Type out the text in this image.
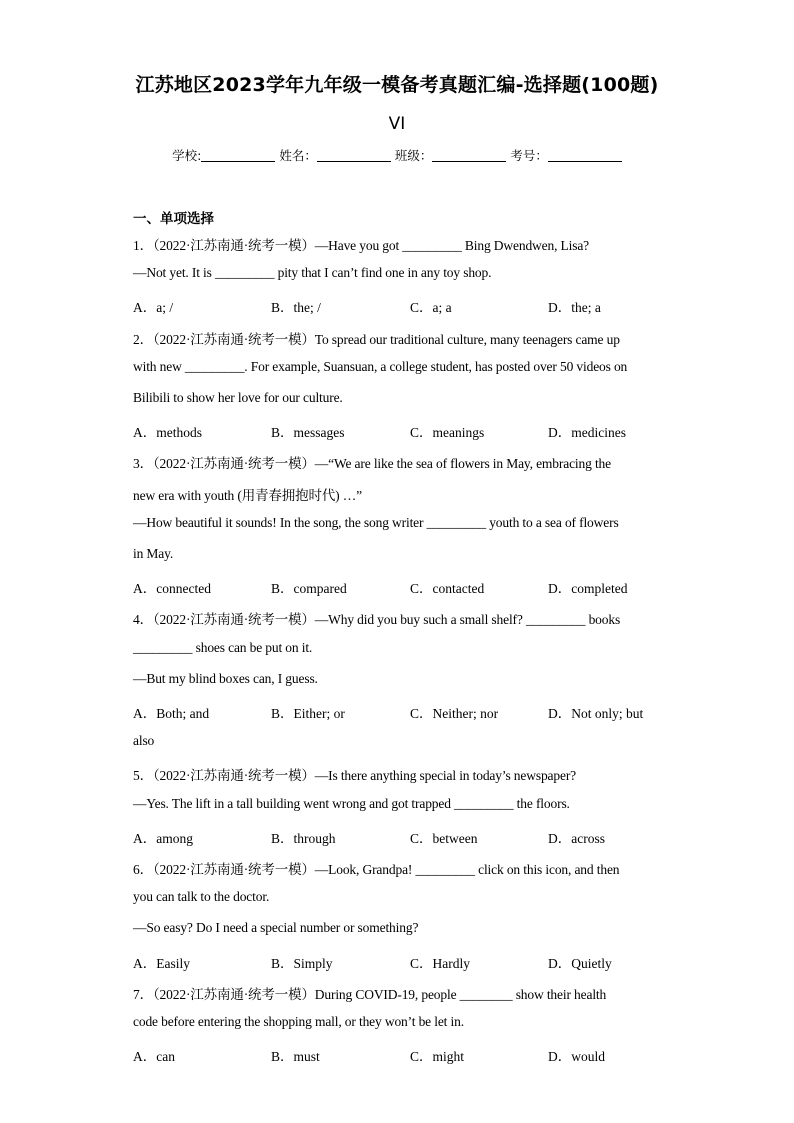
江苏地区2023学年九年级一模备考真题汇编-选择题(100题)
VI
学校:	姓名：	班级：	考号：
一、单项选择
1．（2022·江苏南通·统考一模）—Have you got _________ Bing Dwendwen, Lisa?
—Not yet. It is _________ pity that I can’t find one in any toy shop.
A．a; /	B．the; /	C．a; a	D．the; a
2．（2022·江苏南通·统考一模）To spread our traditional culture, many teenagers came up
with new _________. For example, Suansuan, a college student, has posted over 50 videos on
Bilibili to show her love for our culture.
A．methods	B．messages	C．meanings	D．medicines
3．（2022·江苏南通·统考一模）—“We are like the sea of flowers in May, embracing the
new era with youth (用青春拥抱时代) …”
—How beautiful it sounds! In the song, the song writer _________ youth to a sea of flowers
in May.
A．connected	B．compared	C．contacted	D．completed
4．（2022·江苏南通·统考一模）—Why did you buy such a small shelf? _________ books
_________ shoes can be put on it.
—But my blind boxes can, I guess.
A．Both; and	B．Either; or	C．Neither; nor	D．Not only; but
also
5．（2022·江苏南通·统考一模）—Is there anything special in today’s newspaper?
—Yes. The lift in a tall building went wrong and got trapped _________ the floors.
A．among	B．through	C．between	D．across
6．（2022·江苏南通·统考一模）—Look, Grandpa! _________ click on this icon, and then
you can talk to the doctor.
—So easy? Do I need a special number or something?
A．Easily	B．Simply	C．Hardly	D．Quietly
7．（2022·江苏南通·统考一模）During COVID-19, people ________ show their health
code before entering the shopping mall, or they won’t be let in.
A．can	B．must	C．might	D．would
